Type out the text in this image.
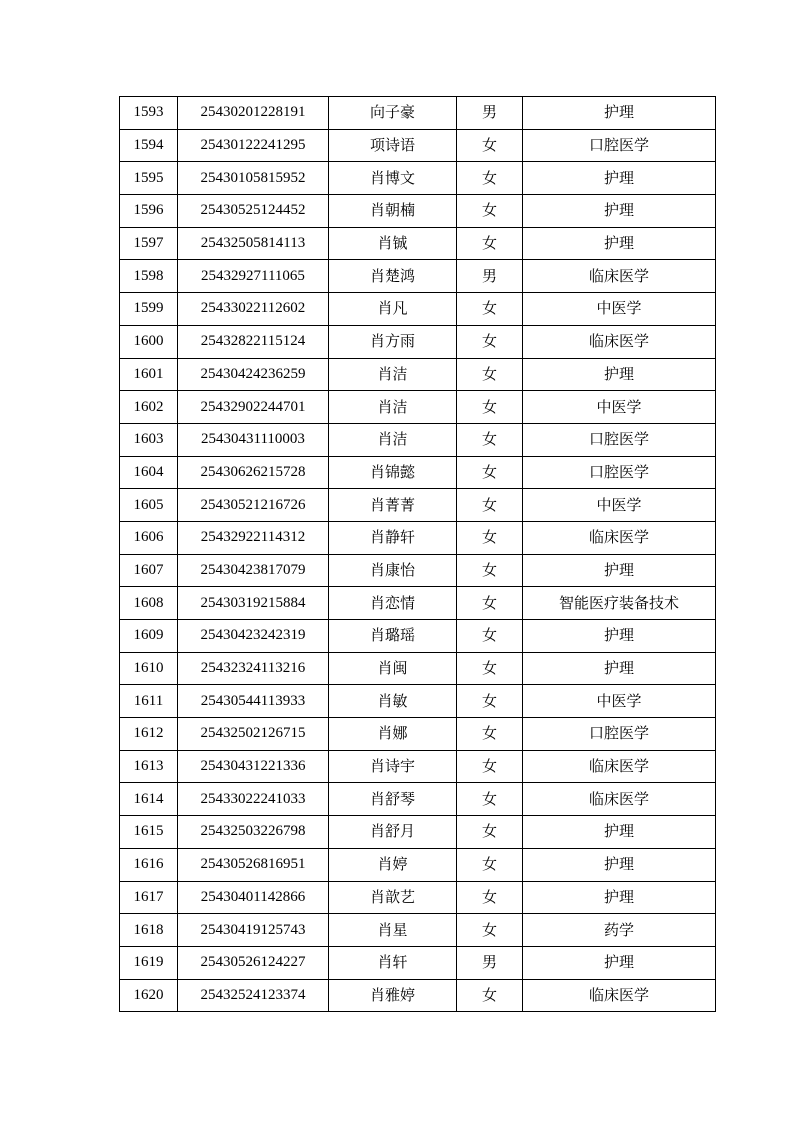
1593	25430201228191	向子豪	男	护理
1594	25430122241295	项诗语	女	口腔医学
1595	25430105815952	肖博文	女	护理
1596	25430525124452	肖朝楠	女	护理
1597	25432505814113	肖铖	女	护理
1598	25432927111065	肖楚鸿	男	临床医学
1599	25433022112602	肖凡	女	中医学
1600	25432822115124	肖方雨	女	临床医学
1601	25430424236259	肖洁	女	护理
1602	25432902244701	肖洁	女	中医学
1603	25430431110003	肖洁	女	口腔医学
1604	25430626215728	肖锦懿	女	口腔医学
1605	25430521216726	肖菁菁	女	中医学
1606	25432922114312	肖静轩	女	临床医学
1607	25430423817079	肖康怡	女	护理
1608	25430319215884	肖恋情	女	智能医疗装备技术
1609	25430423242319	肖璐瑶	女	护理
1610	25432324113216	肖闽	女	护理
1611	25430544113933	肖敏	女	中医学
1612	25432502126715	肖娜	女	口腔医学
1613	25430431221336	肖诗宇	女	临床医学
1614	25433022241033	肖舒琴	女	临床医学
1615	25432503226798	肖舒月	女	护理
1616	25430526816951	肖婷	女	护理
1617	25430401142866	肖歆艺	女	护理
1618	25430419125743	肖星	女	药学
1619	25430526124227	肖轩	男	护理
1620	25432524123374	肖雅婷	女	临床医学
